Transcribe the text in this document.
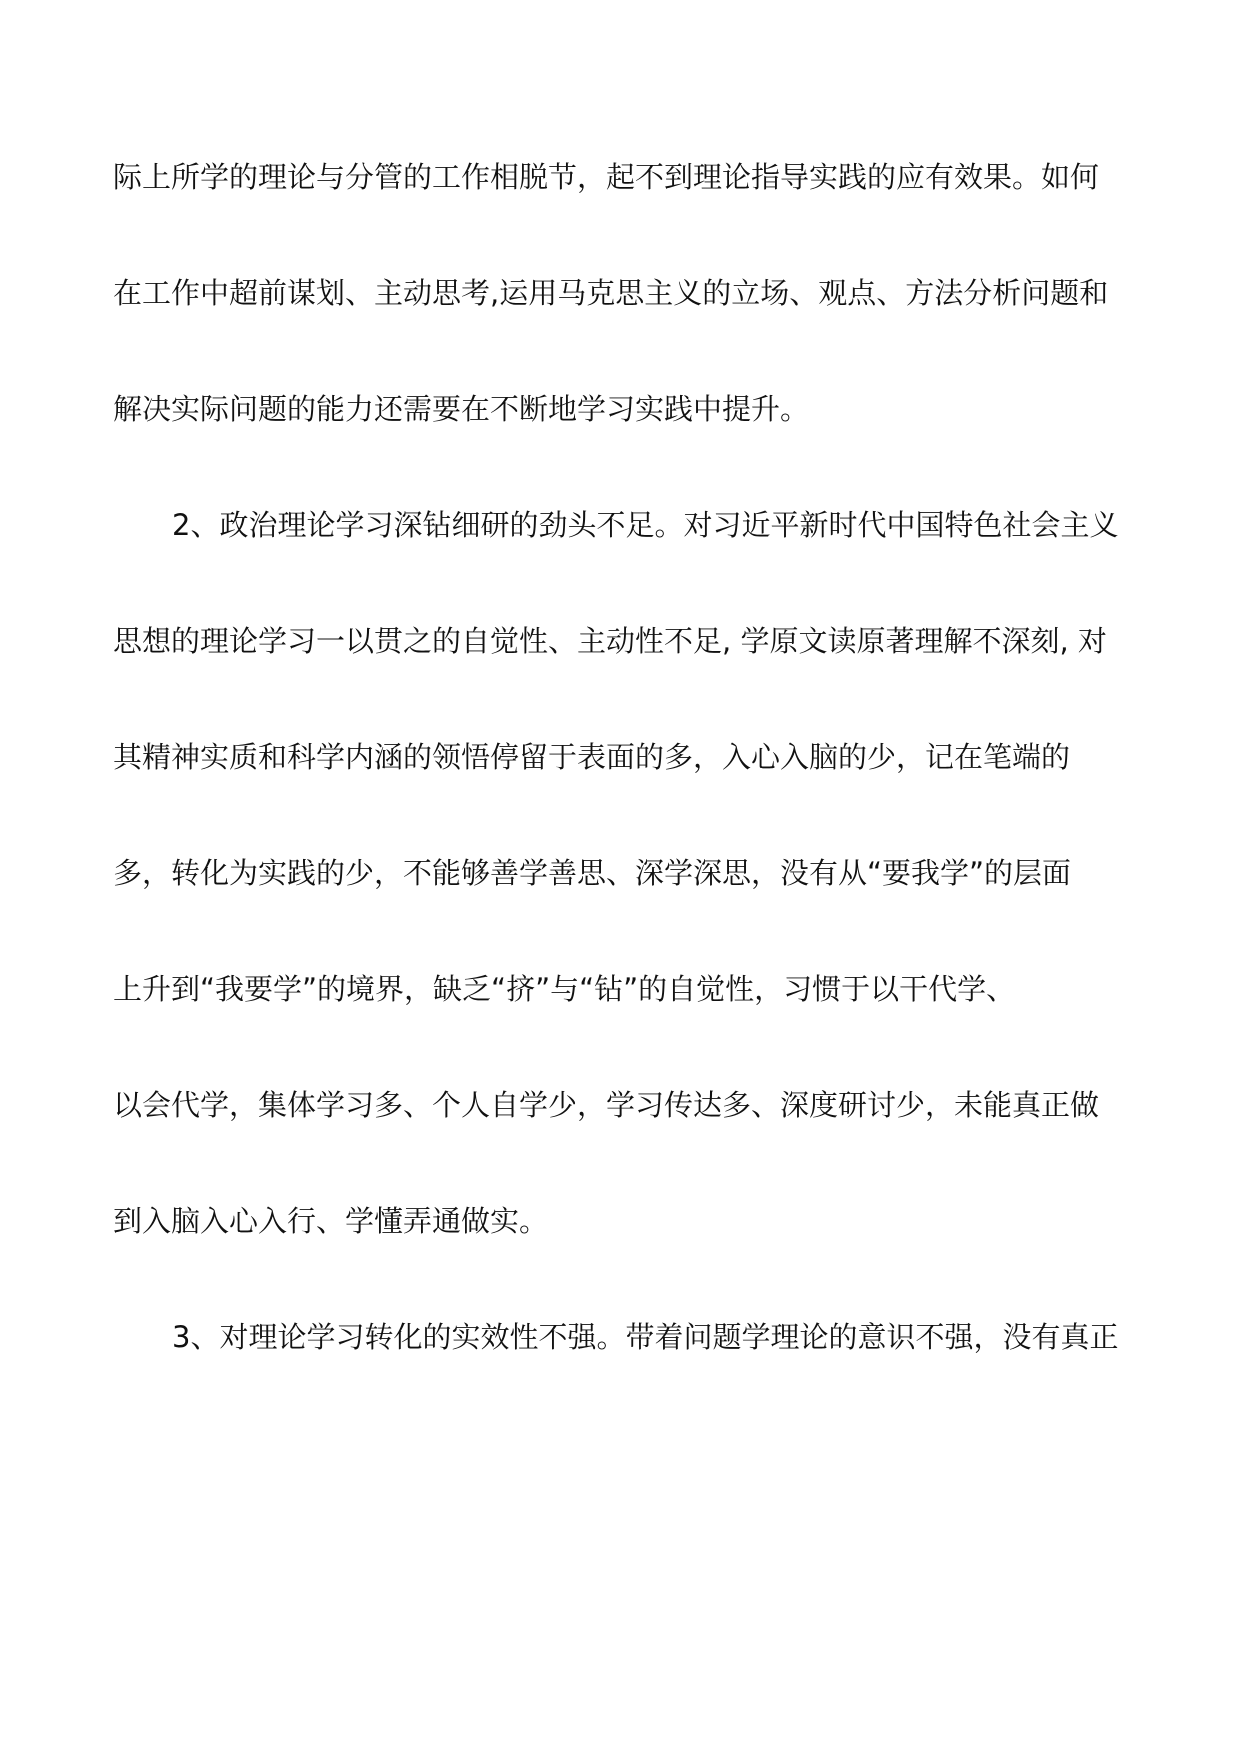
际上所学的理论与分管的工作相脱节，起不到理论指导实践的应有效果。如何
在工作中超前谋划、主动思考,运用马克思主义的立场、观点、方法分析问题和
解决实际问题的能力还需要在不断地学习实践中提升。
2、政治理论学习深钻细研的劲头不足。对习近平新时代中国特色社会主义
思想的理论学习一以贯之的自觉性、主动性不足, 学原文读原著理解不深刻, 对
其精神实质和科学内涵的领悟停留于表面的多，入心入脑的少，记在笔端的
多，转化为实践的少，不能够善学善思、深学深思，没有从“要我学”的层面
上升到“我要学”的境界，缺乏“挤”与“钻”的自觉性，习惯于以干代学、
以会代学，集体学习多、个人自学少，学习传达多、深度研讨少，未能真正做
到入脑入心入行、学懂弄通做实。
3、对理论学习转化的实效性不强。带着问题学理论的意识不强，没有真正
